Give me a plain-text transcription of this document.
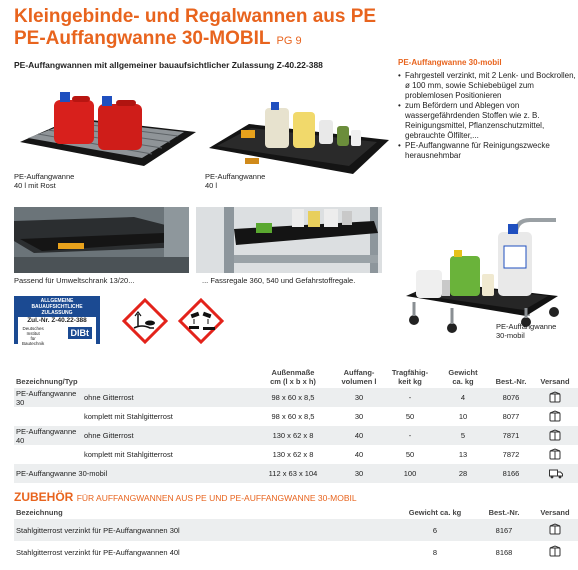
Kleingebinde- und Regalwannen aus PE
PE-Auffangwanne 30-MOBIL PG 9
PE-Auffangwannen mit allgemeiner bauaufsichtlicher Zulassung Z-40.22-388
PE-Auffangwanne
40 l mit Rost
PE-Auffangwanne
40 l
Passend für Umweltschrank 13/20...	... Fassregale 360, 540 und Gefahrstoffregale.
ALLGEMEINE BAUAUFSICHTLICHE
ZULASSUNG
Zul.-Nr. Z-40.22-388
Deutsches
Institut
für
Bautechnik
DIBt
PE-Auffangwanne 30-mobil
• Fahrgestell verzinkt, mit 2 Lenk- und Bockrollen, ø 100 mm, sowie Schiebebügel zum problemlosen Positionieren
• zum Befördern und Ablegen von wassergefährdenden Stoffen wie z. B. Reinigungsmittel, Pflanzenschutzmittel, gebrauchte Ölfilter,...
• PE-Auffangwanne für Reinigungszwecke herausnehmbar
PE-Auffangwanne
30-mobil
Bezeichnung/Typ		Außenmaße
cm (l x b x h)	Auffang-
volumen l	Tragfähig-
keit kg	Gewicht
ca. kg	Best.-Nr.	Versand
PE-Auffangwanne 30	ohne Gitterrost	98 x 60 x 8,5	30	-	4	8076	
	komplett mit Stahlgitterrost	98 x 60 x 8,5	30	50	10	8077	
PE-Auffangwanne 40	ohne Gitterrost	130 x 62 x 8	40	-	5	7871	
	komplett mit Stahlgitterrost	130 x 62 x 8	40	50	13	7872	
PE-Auffangwanne 30-mobil		112 x 63 x 104	30	100	28	8166	
ZUBEHÖR FÜR AUFFANGWANNEN AUS PE UND PE-AUFFANGWANNE 30-MOBIL
Bezeichnung	Gewicht ca. kg	Best.-Nr.	Versand
Stahlgitterrost verzinkt für PE-Auffangwannen 30l	6	8167	
Stahlgitterrost verzinkt für PE-Auffangwannen 40l	8	8168	
